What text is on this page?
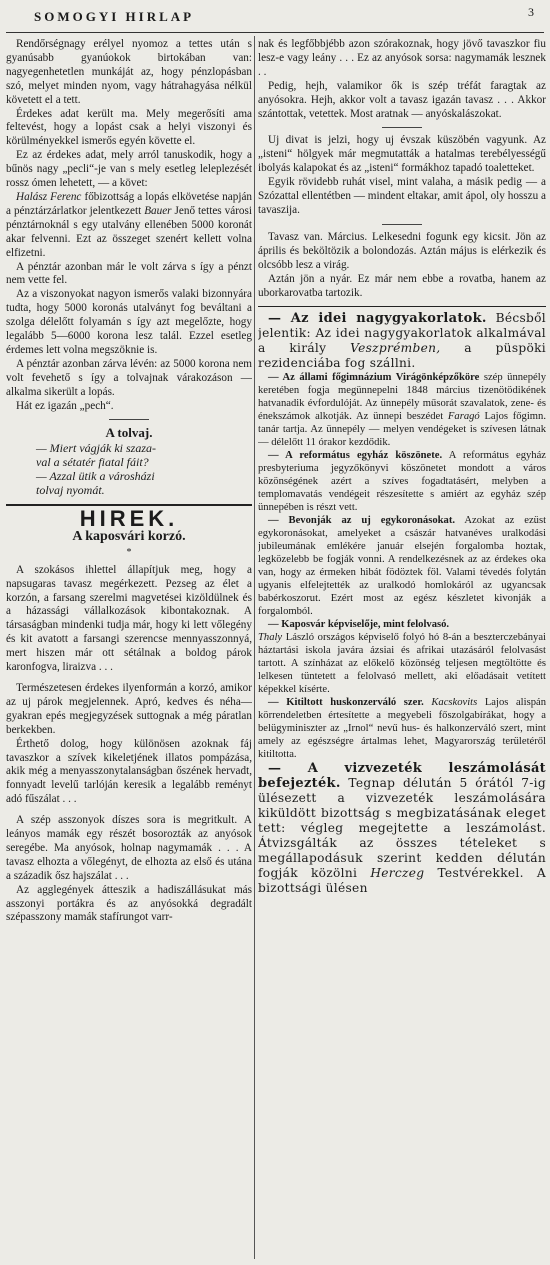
SOMOGYI HIRLAP	3

Rendőrségnagy erélyel nyomoz a tettes után s gyanúsabb gyanúokok birtokában van: nagyegenhetetlen munkáját az, hogy pénzlopásban szó, melyet minden nyom, vagy hátrahagyása nélkül követett el a tett.

Érdekes adat került ma. Mely megerősíti ama feltevést, hogy a lopást csak a helyi viszonyi és körülményekkel ismerős egyén követte el.

Ez az érdekes adat, mely arról tanuskodik, hogy a bűnös nagy „pecli“-je van s mely esetleg leleplezését rossz ómen lehetett, — a követ:

Halász Ferenc főbizottság a lopás elkövetése napján a pénztárzárlatkor jelentkezett Bauer Jenő tettes városi pénztárnoknál s egy utalvány ellenében 5000 koronát akar felvenni. Ezt az összeget szenért kellett volna elfizetni.

A pénztár azonban már le volt zárva s így a pénzt nem vette fel.

Az a viszonyokat nagyon ismerős valaki bizonnyára tudta, hogy 5000 koronás utalványt fog beváltani a szolga délelőtt folyamán s így azt megelőzte, hogy legalább 5—6000 korona lesz talál. Ezzel esetleg érdemes lett volna megszöknie is.

A pénztár azonban zárva lévén: az 5000 korona nem volt fevehető s így a tolvajnak várakozáson — alkalma sikerült a lopás.

Hát ez igazán „pech“.

A tolvaj.

— Miert vágják ki szaza-

val a sétatér fiatal fáit?

— Azzal ütik a városházi

tolvaj nyomát.

HIREK.
A kaposvári korzó.
*

A szokásos ihlettel állapítjuk meg, hogy a napsugaras tavasz megérkezett. Pezseg az élet a korzón, a farsang szerelmi magvetései kizöldülnek és a házassági vállalkozások kibontakoznak. A társaságban mindenki tudja már, hogy ki lett vőlegény és kit avatott a farsangi szerencse mennyasszonnyá, mert hiszen már ott sétálnak a boldog párok karonfogva, liraizva . . .

Természetesen érdekes ilyenformán a korzó, amikor az uj párok megjelennek. Apró, kedves és néha—gyakran epés megjegyzések suttognak a még páratlan berkekben.

Érthető dolog, hogy különösen azoknak fáj tavaszkor a szívek kikeletjének illatos pompázása, akik még a menyasszonytalanságban őszének hervadt, fonnyadt levelű tarlóján keresik a legalább reményt adó fűszálat . . .

A szép asszonyok díszes sora is megritkult. A leányos mamák egy részét bosorozták az anyósok seregébe. Ma anyósok, holnap nagymamák . . . A tavasz elhozta a vőlegényt, de elhozta az első és utána a századik ősz hajszálat . . .

Az agglegények átteszik a hadiszállásukat más asszonyi portákra és az anyósokká degradált szépasszony mamák stafírungot varr-

nak és legfőbbjébb azon szórakoznak, hogy jövő tavaszkor fiu lesz-e vagy leány . . . Ez az anyósok sorsa: nagymamák lesznek . .

Pedig, hejh, valamikor ők is szép tréfát faragtak az anyósokra. Hejh, akkor volt a tavasz igazán tavasz . . . Akkor szántottak, vetettek. Most aratnak — anyóskalászokat.

Uj divat is jelzi, hogy uj évszak küszöbén vagyunk. Az „isteni“ hölgyek már megmutatták a hatalmas terebélyességű ibolyás kalapokat és az „isteni“ formákhoz tapadó toaletteket.

Egyik rövidebb ruhát visel, mint valaha, a másik pedig — a Szózattal ellentétben — mindent eltakar, amit ápol, oly hosszu a tavaszija.

Tavasz van. Március. Lelkesedni fogunk egy kicsit. Jön az április és beköltözik a bolondozás. Aztán május is elérkezik és olcsóbb lesz a virág.

Aztán jön a nyár. Ez már nem ebbe a rovatba, hanem az uborkarovatba tartozik.

— Az idei nagygyakorlatok. Bécsből jelentik: Az idei nagygyakorlatok alkalmával a király Veszprémben, a püspöki rezidenciába fog szállni.

— Az állami főgimnázium Virágönképzőköre szép ünnepély keretében fogja megünnepelni 1848 március tizenötödikének hatvanadik évfordulóját. Az ünnepély műsorát szavalatok, zene- és énekszámok alkotják. Az ünnepi beszédet Faragó Lajos főgimn. tanár tartja. Az ünnepély — melyen vendégeket is szívesen látnak — délelőtt 11 órakor kezdődik.

— A református egyház köszönete. A református egyház presbyteriuma jegyzőkönyvi köszönetet mondott a város közönségének azért a szíves fogadtatásért, melyben a templomavatás vendégeit részesítette s amiért az egyház szép ünnepében is részt vett.

— Bevonják az uj egykoronásokat. Azokat az ezüst egykoronásokat, amelyeket a császár hatvanéves uralkodási jubileumának emlékére január elsején forgalomba hoztak, legközelebb be fogják vonni. A rendelkezésnek az az érdekes oka van, hogy az érmeken hibát födöztek föl. Valami tévedés folytán ugyanis elfelejtették az uralkodó homlokáról az ugyancsak babérkoszorut. Ezért most az egész készletet kivonják a forgalomból.

— Kaposvár képviselője, mint felolvasó.
Thaly László országos képviselő folyó hó 8-án a beszterczebányai háztartási iskola javára ázsiai és afrikai utazásáról felolvasást tartott. A színházat az előkelő közönség teljesen megtöltötte és lelkesen tüntetett a felolvasó mellett, aki előadásait vetített képekkel kísérte.

— Kitiltott huskonzerváló szer. Kacskovits Lajos alispán körrendeletben értesítette a megyebeli főszolgabírákat, hogy a belügyminiszter az „Irnol“ nevű hus- és halkonzerváló szert, mint amely az egészségre ártalmas lehet, Magyarország területéről kitiltotta.

— A vizvezeték leszámolását befejezték. Tegnap délután 5 órától 7-ig ülésezett a vizvezeték leszámolására kiküldött bizottság s megbizatásának eleget tett: végleg megejtette a leszámolást. Átvizsgálták az összes tételeket s megállapodásuk szerint kedden délután fogják közölni Herczeg Testvérekkel. A bizottsági ülésen
